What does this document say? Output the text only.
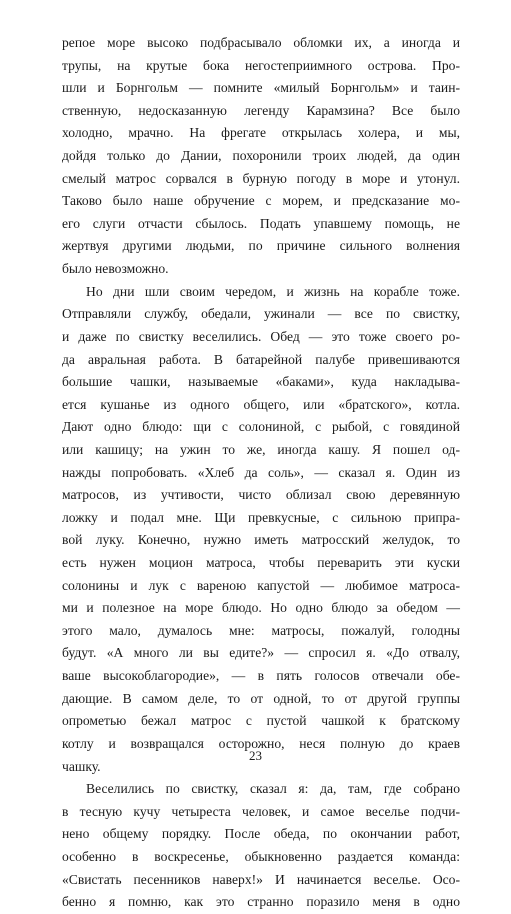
репое море высоко подбрасывало обломки их, а иногда и
трупы, на крутые бока негостеприимного острова. Про-
шли и Борнгольм — помните «милый Борнгольм» и таин-
ственную, недосказанную легенду Карамзина? Все было
холодно, мрачно. На фрегате открылась холера, и мы,
дойдя только до Дании, похоронили троих людей, да один
смелый матрос сорвался в бурную погоду в море и утонул.
Таково было наше обручение с морем, и предсказание мо-
его слуги отчасти сбылось. Подать упавшему помощь, не
жертвуя другими людьми, по причине сильного волнения
было невозможно.
Но дни шли своим чередом, и жизнь на корабле тоже.
Отправляли службу, обедали, ужинали — все по свистку,
и даже по свистку веселились. Обед — это тоже своего ро-
да авральная работа. В батарейной палубе привешиваются
большие чашки, называемые «баками», куда накладыва-
ется кушанье из одного общего, или «братского», котла.
Дают одно блюдо: щи с солониной, с рыбой, с говядиной
или кашицу; на ужин то же, иногда кашу. Я пошел од-
нажды попробовать. «Хлеб да соль», — сказал я. Один из
матросов, из учтивости, чисто облизал свою деревянную
ложку и подал мне. Щи превкусные, с сильною припра-
вой луку. Конечно, нужно иметь матросский желудок, то
есть нужен моцион матроса, чтобы переварить эти куски
солонины и лук с вареною капустой — любимое матроса-
ми и полезное на море блюдо. Но одно блюдо за обедом —
этого мало, думалось мне: матросы, пожалуй, голодны
будут. «А много ли вы едите?» — спросил я. «До отвалу,
ваше высокоблагородие», — в пять голосов отвечали обе-
дающие. В самом деле, то от одной, то от другой группы
опрометью бежал матрос с пустой чашкой к братскому
котлу и возвращался осторожно, неся полную до краев
чашку.
Веселились по свистку, сказал я: да, там, где собрано
в тесную кучу четыреста человек, и самое веселье подчи-
нено общему порядку. После обеда, по окончании работ,
особенно в воскресенье, обыкновенно раздается команда:
«Свистать песенников наверх!» И начинается веселье. Осо-
бенно я помню, как это странно поразило меня в одно
23
